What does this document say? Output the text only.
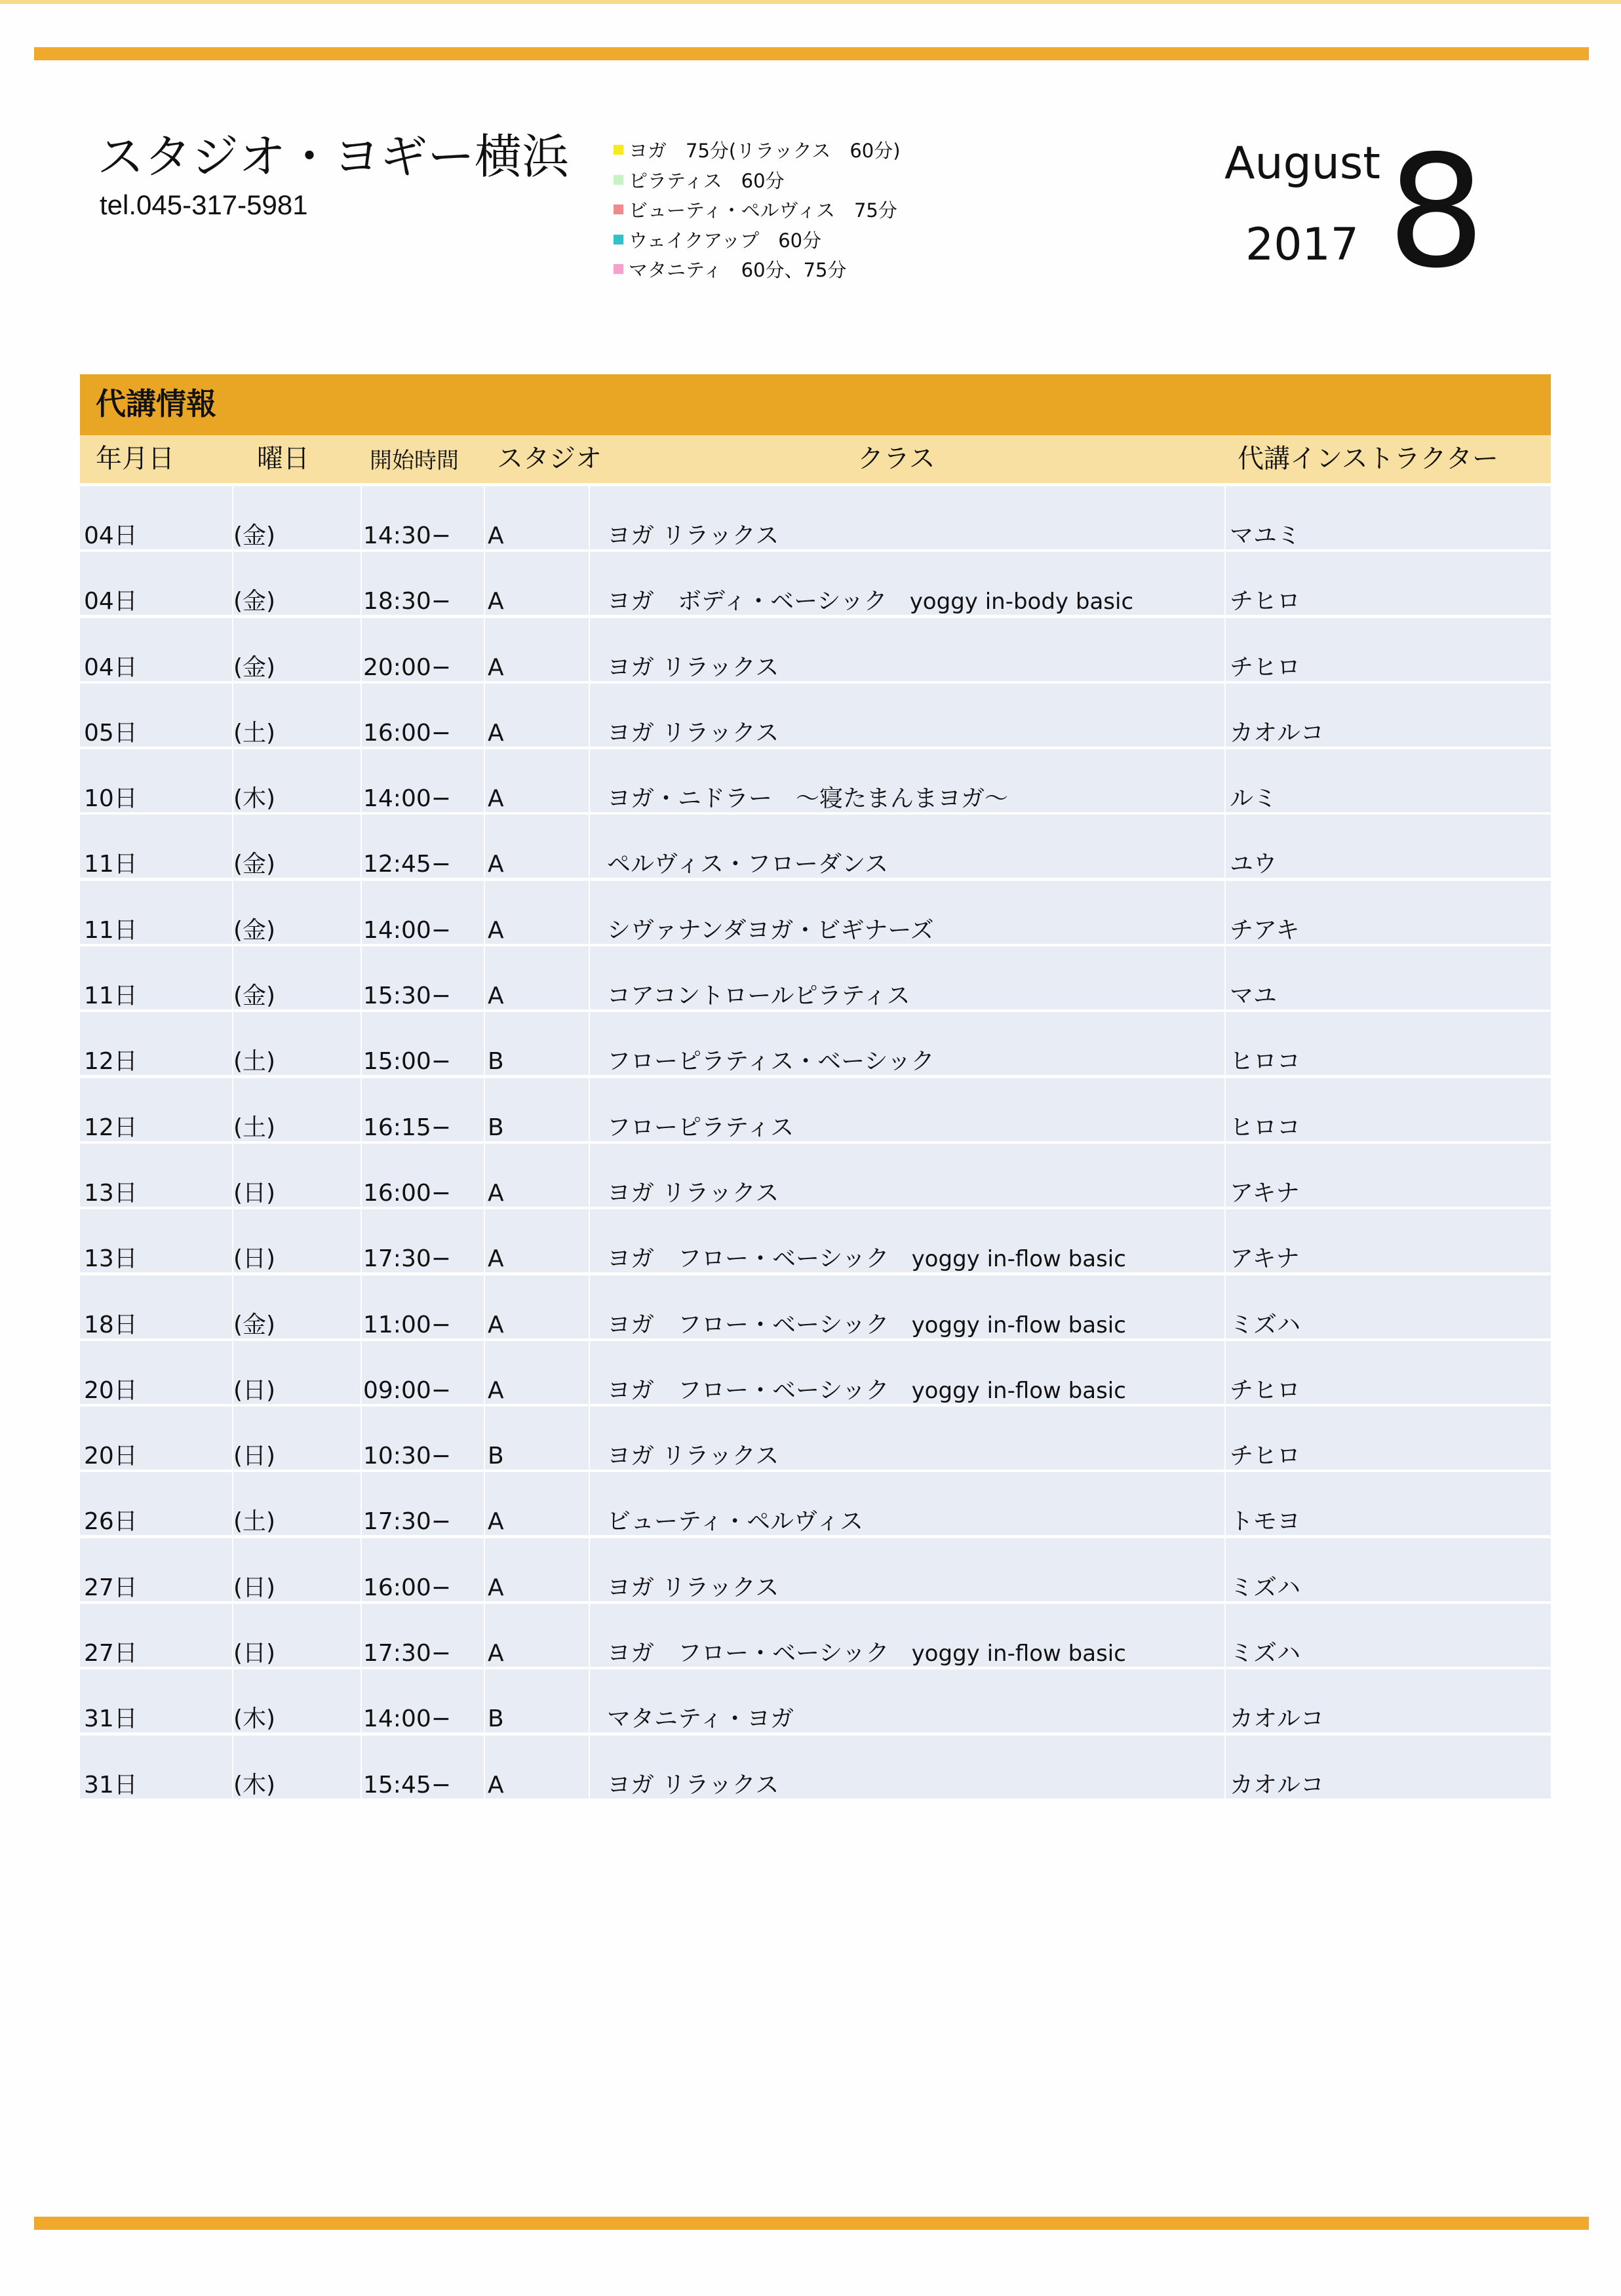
スタジオ・ヨギー横浜
tel.045-317-5981
ヨガ　75分(リラックス　60分)
ピラティス　60分
ビューティ・ペルヴィス　75分
ウェイクアップ　60分
マタニティ　60分、75分
August
2017 8
代講情報
年月日	曜日	開始時間 スタジオ	クラス	代講インストラクター
04日	(金)	14:30− A	ヨガ リラックス	マユミ
04日	(金)	18:30− A	ヨガ　ボディ・ベーシック yoggy in-body basic	チヒロ
04日	(金)	20:00− A	ヨガ リラックス	チヒロ
05日	(土)	16:00− A	ヨガ リラックス	カオルコ
10日	(木)	14:00− A	ヨガ・ニドラー　～寝たまんまヨガ～	ルミ
11日	(金)	12:45− A	ペルヴィス・フローダンス	ユウ
11日	(金)	14:00− A	シヴァナンダヨガ・ビギナーズ	チアキ
11日	(金)	15:30− A	コアコントロールピラティス	マユ
12日	(土)	15:00− B	フローピラティス・ベーシック	ヒロコ
12日	(土)	16:15− B	フローピラティス	ヒロコ
13日	(日)	16:00− A	ヨガ リラックス	アキナ
13日	(日)	17:30− A	ヨガ　フロー・ベーシック yoggy in-flow basic	アキナ
18日	(金)	11:00− A	ヨガ　フロー・ベーシック yoggy in-flow basic	ミズハ
20日	(日)	09:00− A	ヨガ　フロー・ベーシック yoggy in-flow basic	チヒロ
20日	(日)	10:30− B	ヨガ リラックス	チヒロ
26日	(土)	17:30− A	ビューティ・ペルヴィス	トモヨ
27日	(日)	16:00− A	ヨガ リラックス	ミズハ
27日	(日)	17:30− A	ヨガ　フロー・ベーシック yoggy in-flow basic	ミズハ
31日	(木)	14:00− B	マタニティ・ヨガ	カオルコ
31日	(木)	15:45− A	ヨガ リラックス	カオルコ
